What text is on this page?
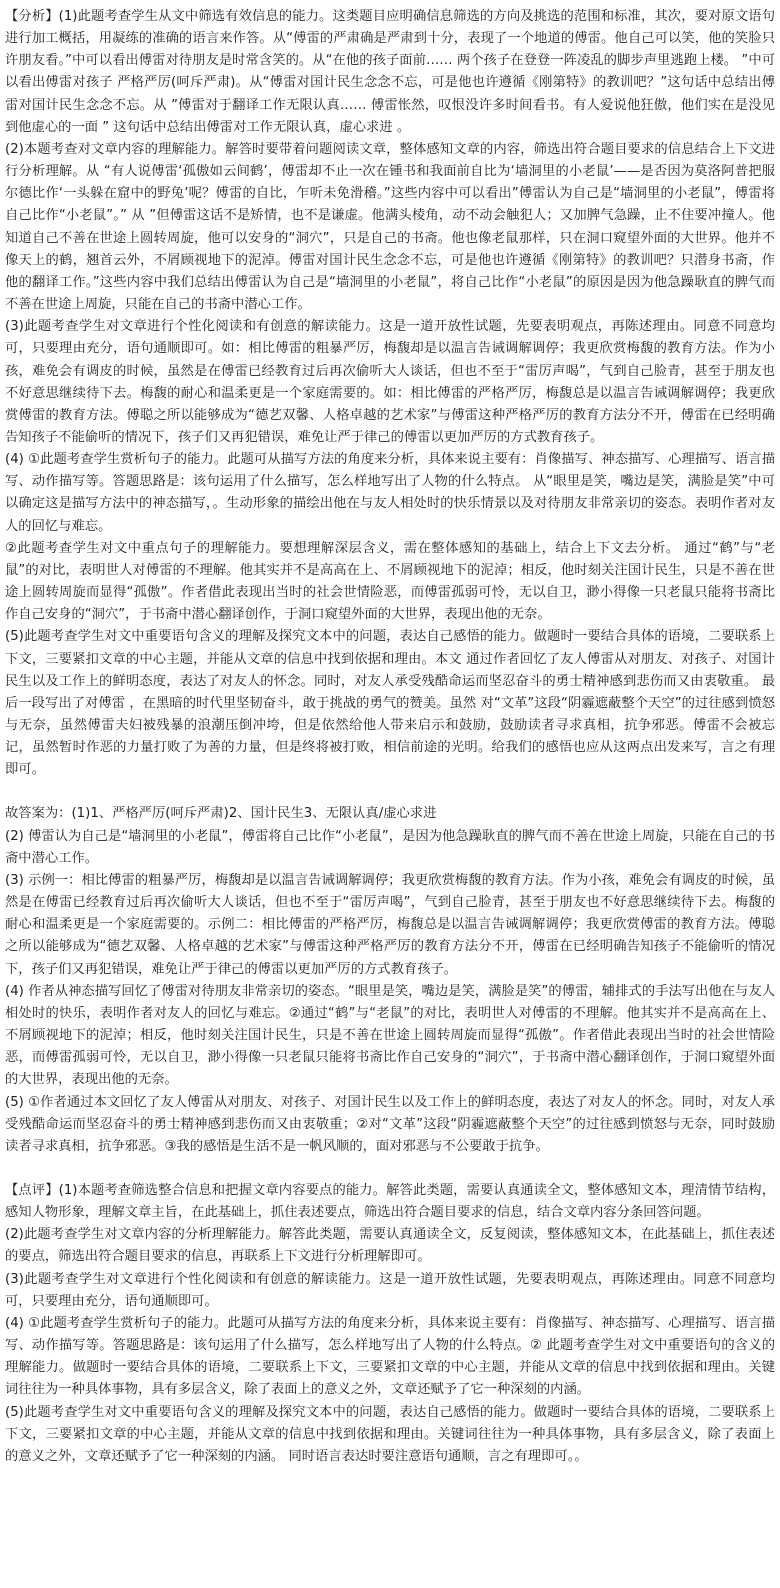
【分析】(1)此题考查学生从文中筛选有效信息的能力。这类题目应明确信息筛选的方向及挑选的范围和标准，其次，要对原文语句进行加工概括，用凝练的准确的语言来作答。从“傅雷的严肃确是严肃到十分，表现了一个地道的傅雷。他自己可以笑，他的笑脸只许朋友看。”中可以看出傅雷对待朋友是时常含笑的。从“在他的孩子面前…… 两个孩子在登登一阵凌乱的脚步声里逃跑上楼。 ”中可以看出傅雷对孩子 严格严厉(呵斥严肃)。从“傅雷对国计民生念念不忘，可是他也许遵循《刚第特》的教训吧？”这句话中总结出傅雷对国计民生念念不忘。从 ”傅雷对于翻译工作无限认真…… 傅雷怅然，叹恨没许多时间看书。有人爱说他狂傲，他们实在是没见到他虚心的一面 ” 这句话中总结出傅雷对工作无限认真，虚心求进 。

(2)本题考查对文章内容的理解能力。解答时要带着问题阅读文章，整体感知文章的内容，筛选出符合题目要求的信息结合上下文进行分析理解。从 “有人说傅雷‘孤傲如云间鹤’，傅雷却不止一次在锺书和我面前自比为‘墙洞里的小老鼠’——是否因为莫洛阿普把服尔德比作‘一头躲在窟中的野兔’呢？傅雷的自比，乍听未免滑稽。”这些内容中可以看出”傅雷认为自己是“墙洞里的小老鼠”，傅雷将自己比作“小老鼠”。” 从 ”但傅雷这话不是矫情，也不是谦虚。他满头棱角，动不动会触犯人；又加脾气急躁，止不住要冲撞人。他知道自己不善在世途上圆转周旋，他可以安身的“洞穴”，只是自己的书斋。他也像老鼠那样，只在洞口窥望外面的大世界。他并不像天上的鹤，翘首云外，不屑顾视地下的泥淖。傅雷对国计民生念念不忘，可是他也许遵循《刚第特》的教训吧？只潜身书斋，作他的翻译工作。”这些内容中我们总结出傅雷认为自己是“墙洞里的小老鼠”，将自己比作“小老鼠”的原因是因为他急躁耿直的脾气而不善在世途上周旋，只能在自己的书斋中潜心工作。

(3)此题考查学生对文章进行个性化阅读和有创意的解读能力。这是一道开放性试题，先要表明观点，再陈述理由。同意不同意均可，只要理由充分，语句通顺即可。如：相比傅雷的粗暴严厉，梅馥却是以温言告诫调解调停；我更欣赏梅馥的教育方法。作为小孩，难免会有调皮的时候，虽然是在傅雷已经教育过后再次偷听大人谈话，但也不至于“雷厉声喝”，气到自己脸青，甚至于朋友也不好意思继续待下去。梅馥的耐心和温柔更是一个家庭需要的。如：相比傅雷的严格严厉，梅馥总是以温言告诫调解调停；我更欣赏傅雷的教育方法。傅聪之所以能够成为“德艺双馨、人格卓越的艺术家”与傅雷这种严格严厉的教育方法分不开，傅雷在已经明确告知孩子不能偷听的情况下，孩子们又再犯错误，难免让严于律己的傅雷以更加严厉的方式教育孩子。

(4) ①此题考查学生赏析句子的能力。此题可从描写方法的角度来分析，具体来说主要有：肖像描写、神态描写、心理描写、语言描写、动作描写等。答题思路是：该句运用了什么描写，怎么样地写出了人物的什么特点。 从“眼里是笑，嘴边是笑，满脸是笑”中可以确定这是描写方法中的神态描写，。生动形象的描绘出他在与友人相处时的快乐情景以及对待朋友非常亲切的姿态。表明作者对友人的回忆与难忘。

②此题考查学生对文中重点句子的理解能力。要想理解深层含义，需在整体感知的基础上，结合上下文去分析。 通过“鹤”与“老鼠”的对比，表明世人对傅雷的不理解。他其实并不是高高在上、不屑顾视地下的泥淖；相反，他时刻关注国计民生，只是不善在世途上圆转周旋而显得“孤傲”。作者借此表现出当时的社会世情险恶，而傅雷孤弱可怜，无以自卫，渺小得像一只老鼠只能将书斋比作自己安身的“洞穴”，于书斋中潜心翻译创作，于洞口窥望外面的大世界，表现出他的无奈。

(5)此题考查学生对文中重要语句含义的理解及探究文本中的问题，表达自己感悟的能力。做题时一要结合具体的语境，二要联系上下文，三要紧扣文章的中心主题，并能从文章的信息中找到依据和理由。本文 通过作者回忆了友人傅雷从对朋友、对孩子、对国计民生以及工作上的鲜明态度，表达了对友人的怀念。同时，对友人承受残酷命运而坚忍奋斗的勇士精神感到悲伤而又由衷敬重。 最后一段写出了对傅雷 ，在黑暗的时代里坚韧奋斗，敢于挑战的勇气的赞美。虽然 对“文革”这段“阴霾遮蔽整个天空”的过往感到愤怒与无奈，虽然傅雷夫妇被残暴的浪潮压倒冲垮，但是依然给他人带来启示和鼓励，鼓励读者寻求真相，抗争邪恶。傅雷不会被忘记，虽然暂时作恶的力量打败了为善的力量，但是终将被打败，相信前途的光明。给我们的感悟也应从这两点出发来写，言之有理即可。

故答案为：(1)1、严格严厉(呵斥严肃)2、国计民生3、无限认真/虚心求进

(2) 傅雷认为自己是“墙洞里的小老鼠”，傅雷将自己比作“小老鼠”，是因为他急躁耿直的脾气而不善在世途上周旋，只能在自己的书斋中潜心工作。

(3) 示例一：相比傅雷的粗暴严厉，梅馥却是以温言告诫调解调停；我更欣赏梅馥的教育方法。作为小孩，难免会有调皮的时候，虽然是在傅雷已经教育过后再次偷听大人谈话，但也不至于“雷厉声喝”，气到自己脸青，甚至于朋友也不好意思继续待下去。梅馥的耐心和温柔更是一个家庭需要的。示例二：相比傅雷的严格严厉，梅馥总是以温言告诫调解调停；我更欣赏傅雷的教育方法。傅聪之所以能够成为“德艺双馨、人格卓越的艺术家”与傅雷这种严格严厉的教育方法分不开，傅雷在已经明确告知孩子不能偷听的情况下，孩子们又再犯错误，难免让严于律己的傅雷以更加严厉的方式教育孩子。

(4) 作者从神态描写回忆了傅雷对待朋友非常亲切的姿态。“眼里是笑，嘴边是笑，满脸是笑”的傅雷，辅排式的手法写出他在与友人相处时的快乐，表明作者对友人的回忆与难忘。②通过“鹤”与“老鼠”的对比，表明世人对傅雷的不理解。他其实并不是高高在上、不屑顾视地下的泥淖；相反，他时刻关注国计民生，只是不善在世途上圆转周旋而显得“孤傲”。作者借此表现出当时的社会世情险恶，而傅雷孤弱可怜，无以自卫，渺小得像一只老鼠只能将书斋比作自己安身的“洞穴”，于书斋中潜心翻译创作，于洞口窥望外面的大世界，表现出他的无奈。

(5) ①作者通过本文回忆了友人傅雷从对朋友、对孩子、对国计民生以及工作上的鲜明态度，表达了对友人的怀念。同时，对友人承受残酷命运而坚忍奋斗的勇士精神感到悲伤而又由衷敬重；②对“文革”这段“阴霾遮蔽整个天空”的过往感到愤怒与无奈，同时鼓励读者寻求真相，抗争邪恶。③我的感悟是生活不是一帆风顺的，面对邪恶与不公要敢于抗争。

【点评】(1)本题考查筛选整合信息和把握文章内容要点的能力。解答此类题，需要认真通读全文，整体感知文本，理清情节结构，感知人物形象，理解文章主旨，在此基础上，抓住表述要点，筛选出符合题目要求的信息，结合文章内容分条回答问题。

(2)此题考查学生对文章内容的分析理解能力。解答此类题，需要认真通读全文，反复阅读，整体感知文本，在此基础上，抓住表述的要点，筛选出符合题目要求的信息，再联系上下文进行分析理解即可。

(3)此题考查学生对文章进行个性化阅读和有创意的解读能力。这是一道开放性试题，先要表明观点，再陈述理由。同意不同意均可，只要理由充分，语句通顺即可。

(4) ①此题考查学生赏析句子的能力。此题可从描写方法的角度来分析，具体来说主要有：肖像描写、神态描写、心理描写、语言描写、动作描写等。答题思路是：该句运用了什么描写，怎么样地写出了人物的什么特点。② 此题考查学生对文中重要语句的含义的理解能力。做题时一要结合具体的语境，二要联系上下文，三要紧扣文章的中心主题，并能从文章的信息中找到依据和理由。关键词往往为一种具体事物，具有多层含义，除了表面上的意义之外，文章还赋予了它一种深刻的内涵。

(5)此题考查学生对文中重要语句含义的理解及探究文本中的问题，表达自己感悟的能力。做题时一要结合具体的语境，二要联系上下文，三要紧扣文章的中心主题，并能从文章的信息中找到依据和理由。关键词往往为一种具体事物，具有多层含义，除了表面上的意义之外，文章还赋予了它一种深刻的内涵。 同时语言表达时要注意语句通顺，言之有理即可。。
